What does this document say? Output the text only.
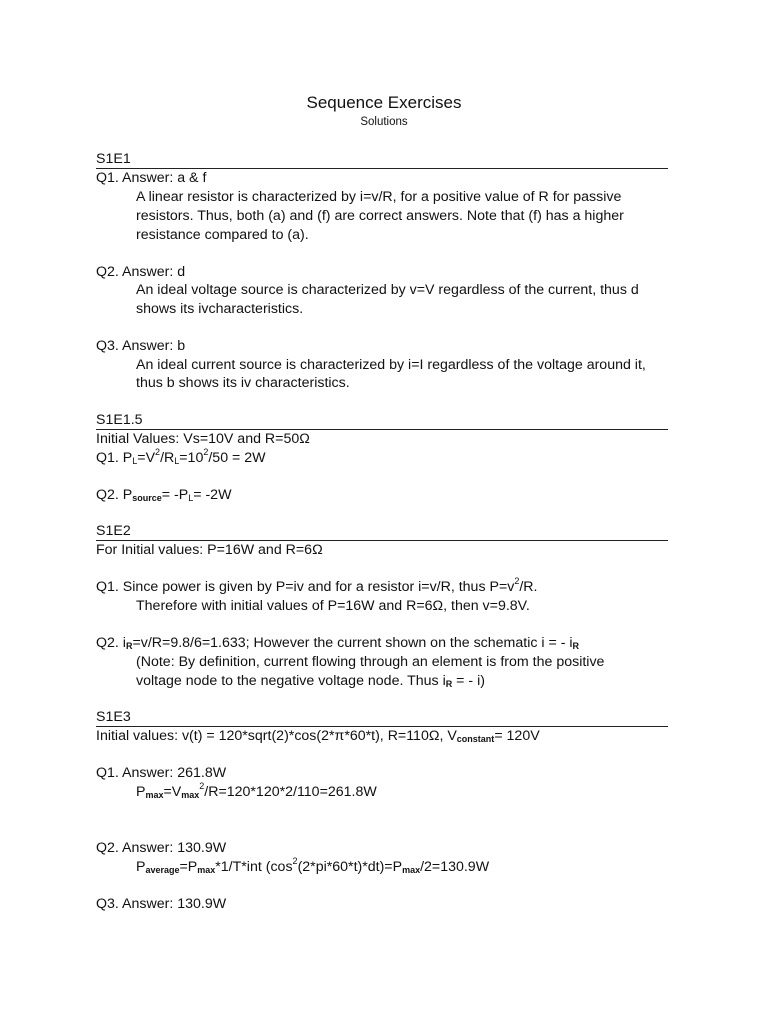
Sequence Exercises
Solutions
S1E1
Q1. Answer: a & f
A linear resistor is characterized by i=v/R, for a positive value of R for passive
resistors. Thus, both (a) and (f) are correct answers. Note that (f) has a higher
resistance compared to (a).
Q2. Answer: d
An ideal voltage source is characterized by v=V regardless of the current, thus d
shows its ivcharacteristics.
Q3. Answer: b
An ideal current source is characterized by i=I regardless of the voltage around it,
thus b shows its iv characteristics.
S1E1.5
Initial Values: Vs=10V and R=50Ω
Q1. $P_L=V^2/R_L=10^2/50 = 2W$
Q2. $P_{source}= -P_L= -2W$
S1E2
For Initial values: P=16W and R=6Ω
Q1. Since power is given by P=iv and for a resistor i=v/R, thus $P=v^2/R$.
Therefore with initial values of P=16W and R=6Ω, then v=9.8V.
Q2. $i_R=v/R=9.8/6=1.633$; However the current shown on the schematic i = - $i_R$
(Note: By definition, current flowing through an element is from the positive
voltage node to the negative voltage node. Thus $i_R$ = - i)
S1E3
Initial values: v(t) = 120*sqrt(2)*cos(2*π*60*t), R=110Ω, $V_{constant}= 120V$
Q1. Answer: 261.8W
$P_{max}=V_{max}^2/R=120*120*2/110=261.8W$
Q2. Answer: 130.9W
$P_{average}=P_{max}*1/T*int$ $(\cos^2(2*pi*60*t)*dt)=P_{max}/2=130.9W$
Q3. Answer: 130.9W
